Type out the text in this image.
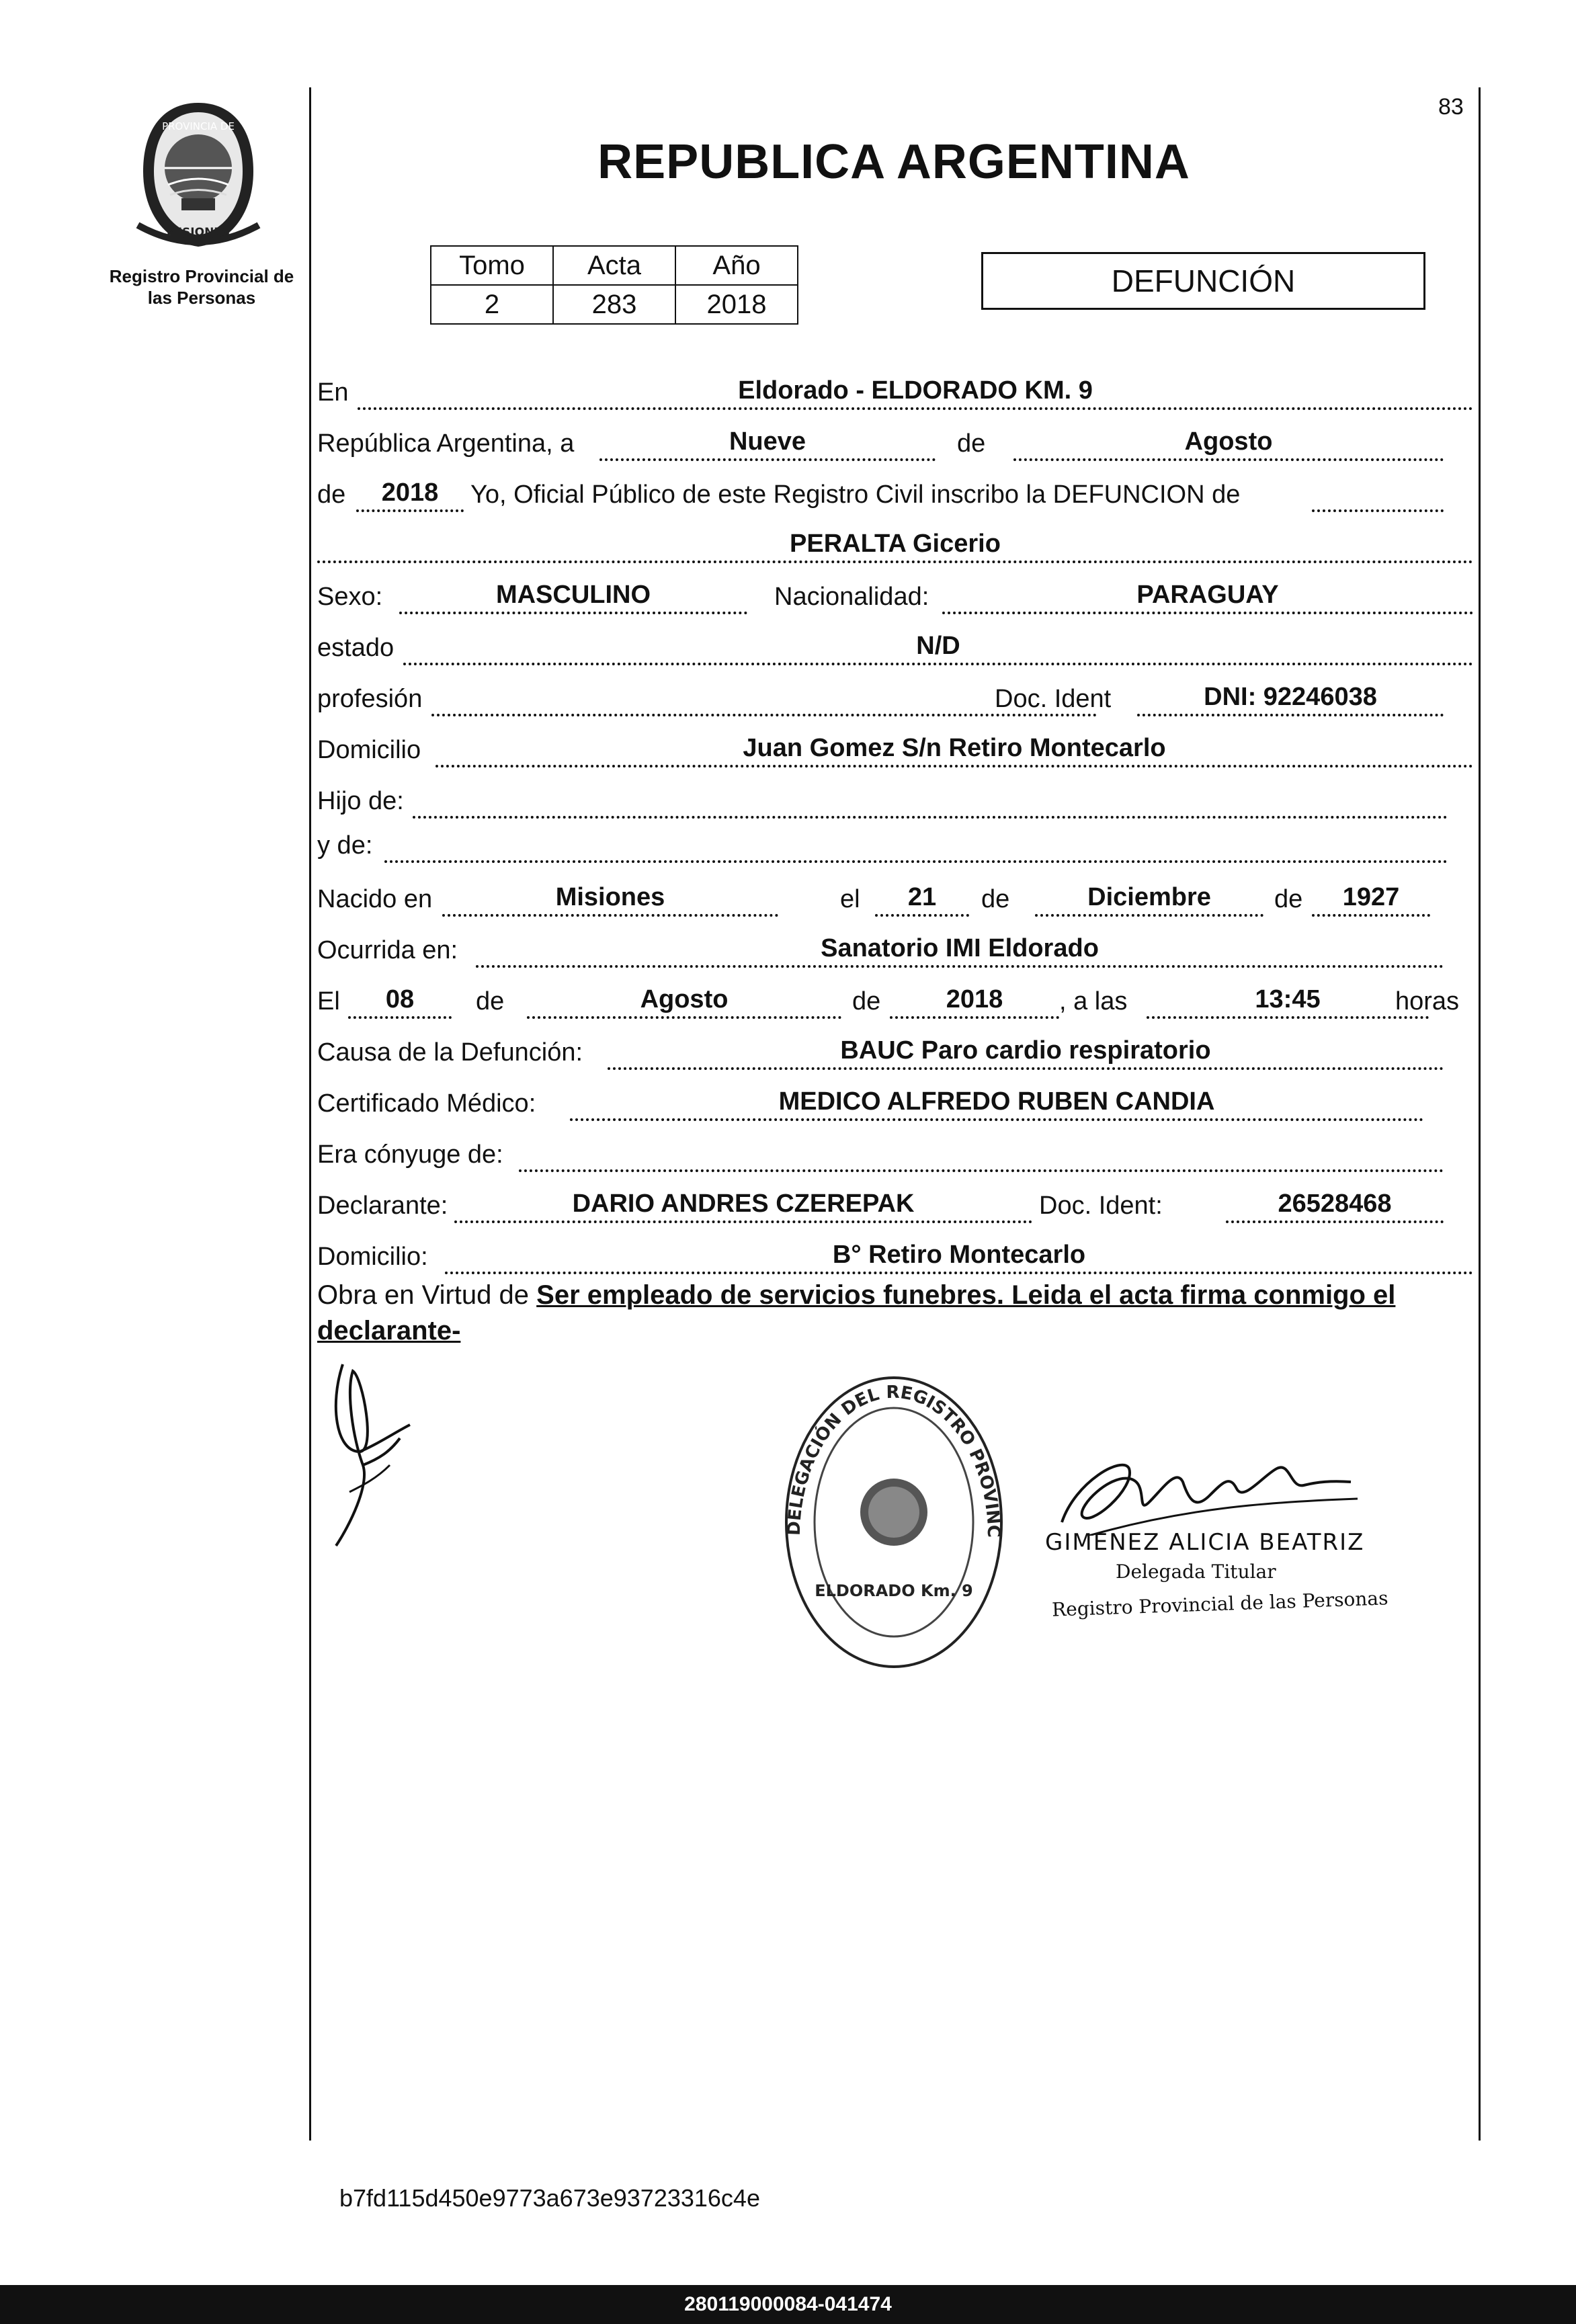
PROVINCIA DE
MISIONES
Registro Provincial de
las Personas
83
REPUBLICA ARGENTINA
Tomo	Acta	Año
2	283	2018
DEFUNCIÓN
En	Eldorado - ELDORADO KM. 9
República Argentina, a	Nueve	de	Agosto
de	2018	Yo, Oficial Público de este Registro Civil inscribo la DEFUNCION de
PERALTA Gicerio
Sexo:	MASCULINO	Nacionalidad:	PARAGUAY
estado	N/D
profesión	Doc. Ident	DNI: 92246038
Domicilio	Juan Gomez S/n Retiro Montecarlo
Hijo de:
y de:
Nacido en	Misiones	el	21	de	Diciembre	de	1927
Ocurrida en:	Sanatorio IMI Eldorado
El	08	de	Agosto	de	2018	, a las	13:45	horas
Causa de la Defunción:	BAUC Paro cardio respiratorio
Certificado Médico:	MEDICO ALFREDO RUBEN CANDIA
Era cónyuge de:
Declarante:	DARIO ANDRES CZEREPAK	Doc. Ident:	26528468
Domicilio:	B° Retiro Montecarlo
Obra en Virtud de Ser empleado de servicios funebres. Leida el acta firma conmigo el
declarante-
DELEGACIÓN DEL REGISTRO PROVINC
ELDORADO Km. 9
GIMENEZ ALICIA BEATRIZ
Delegada Titular
Registro Provincial de las Personas
b7fd115d450e9773a673e93723316c4e
280119000084-041474
